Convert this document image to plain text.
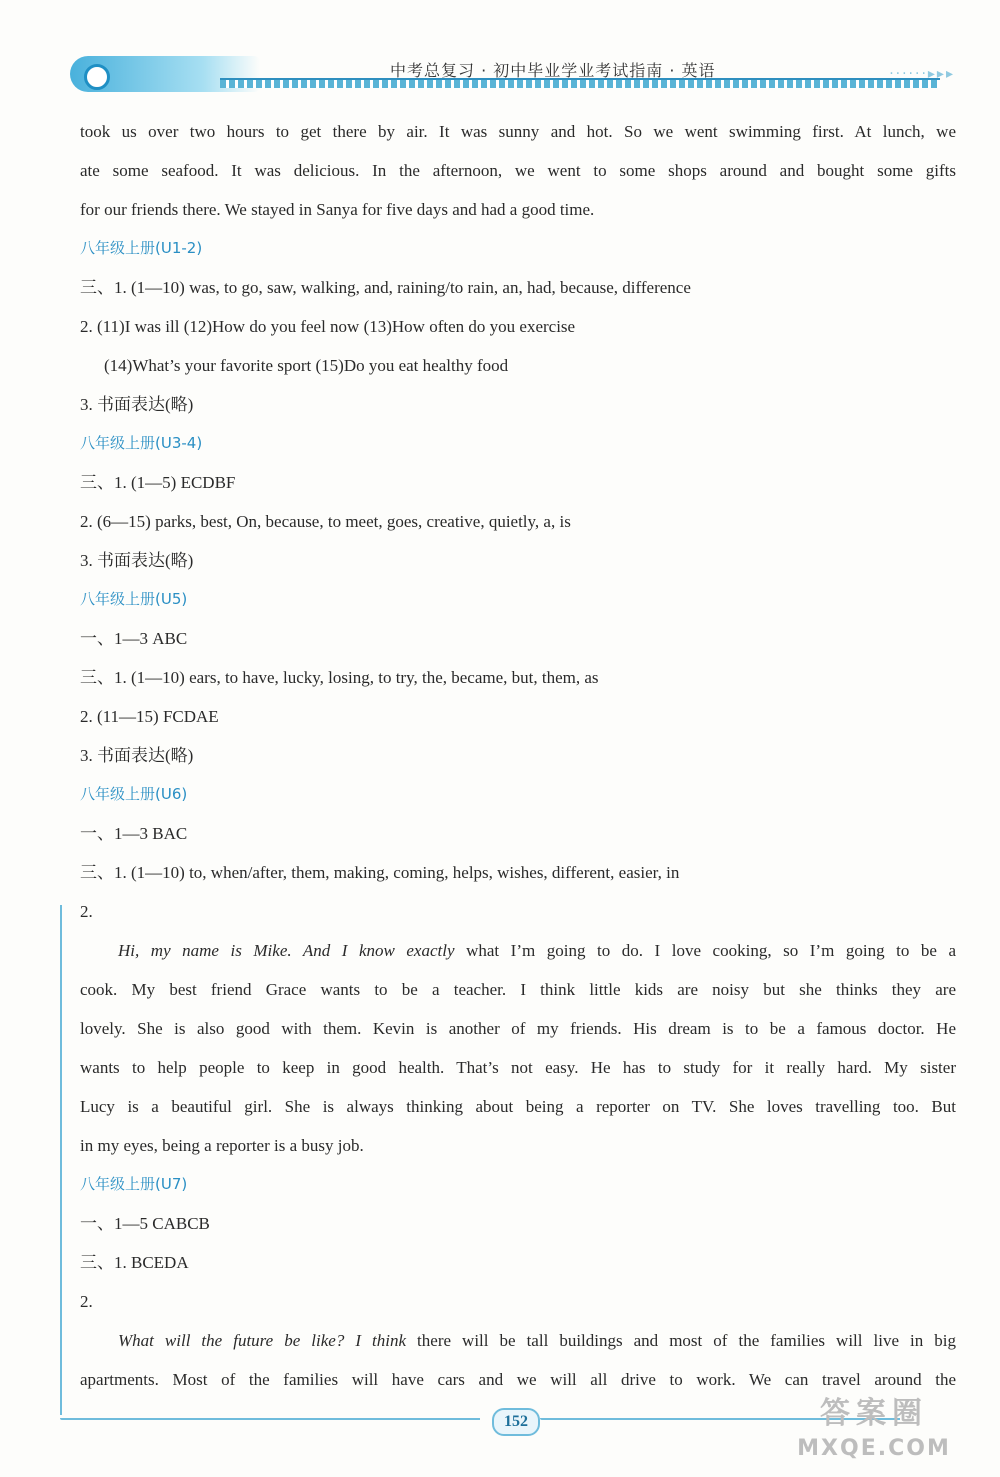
中考总复习 · 初中毕业学业考试指南 · 英语	······▸▸▸
took us over two hours to get there by air. It was sunny and hot. So we went swimming first. At lunch, we
ate some seafood. It was delicious. In the afternoon, we went to some shops around and bought some gifts
for our friends there. We stayed in Sanya for five days and had a good time.
八年级上册(U1-2)
三、1. (1—10) was, to go, saw, walking, and, raining/to rain, an, had, because, difference
2. (11)I was ill (12)How do you feel now (13)How often do you exercise
(14)What’s your favorite sport (15)Do you eat healthy food
3. 书面表达(略)
八年级上册(U3-4)
三、1. (1—5) ECDBF
2. (6—15) parks, best, On, because, to meet, goes, creative, quietly, a, is
3. 书面表达(略)
八年级上册(U5)
一、1—3 ABC
三、1. (1—10) ears, to have, lucky, losing, to try, the, became, but, them, as
2. (11—15) FCDAE
3. 书面表达(略)
八年级上册(U6)
一、1—3 BAC
三、1. (1—10) to, when/after, them, making, coming, helps, wishes, different, easier, in
2.
Hi, my name is Mike. And I know exactly what I’m going to do. I love cooking, so I’m going to be a
cook. My best friend Grace wants to be a teacher. I think little kids are noisy but she thinks they are
lovely. She is also good with them. Kevin is another of my friends. His dream is to be a famous doctor. He
wants to help people to keep in good health. That’s not easy. He has to study for it really hard. My sister
Lucy is a beautiful girl. She is always thinking about being a reporter on TV. She loves travelling too. But
in my eyes, being a reporter is a busy job.
八年级上册(U7)
一、1—5 CABCB
三、1. BCEDA
2.
What will the future be like? I think there will be tall buildings and most of the families will live in big
apartments. Most of the families will have cars and we will all drive to work. We can travel around the
152	答案圈
MXQE.COM
